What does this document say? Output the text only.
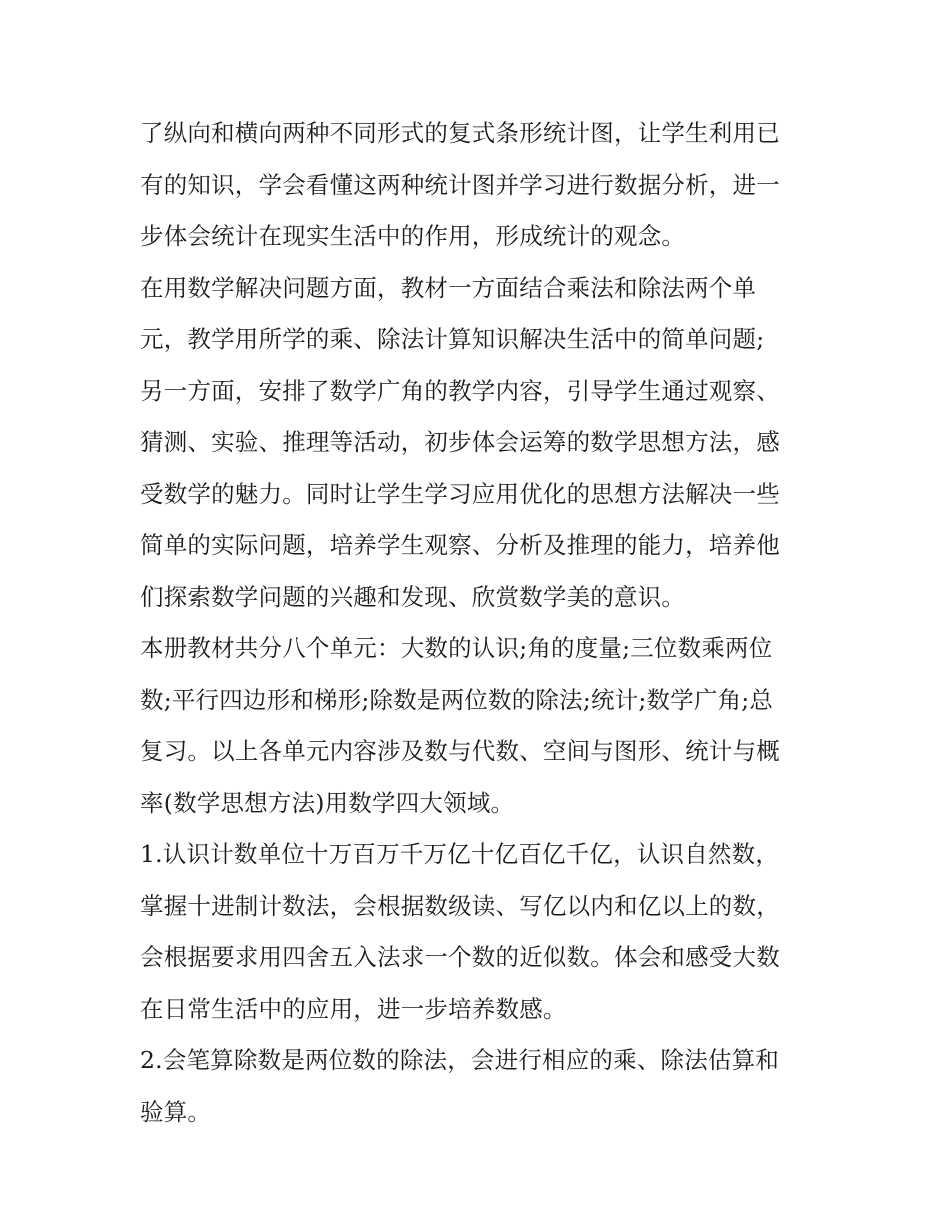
了纵向和横向两种不同形式的复式条形统计图，让学生利用已
有的知识，学会看懂这两种统计图并学习进行数据分析，进一
步体会统计在现实生活中的作用，形成统计的观念。
在用数学解决问题方面，教材一方面结合乘法和除法两个单
元，教学用所学的乘、除法计算知识解决生活中的简单问题;
另一方面，安排了数学广角的教学内容，引导学生通过观察、
猜测、实验、推理等活动，初步体会运筹的数学思想方法，感
受数学的魅力。同时让学生学习应用优化的思想方法解决一些
简单的实际问题，培养学生观察、分析及推理的能力，培养他
们探索数学问题的兴趣和发现、欣赏数学美的意识。
本册教材共分八个单元：大数的认识;角的度量;三位数乘两位
数;平行四边形和梯形;除数是两位数的除法;统计;数学广角;总
复习。以上各单元内容涉及数与代数、空间与图形、统计与概
率(数学思想方法)用数学四大领域。
1.认识计数单位十万百万千万亿十亿百亿千亿，认识自然数，
掌握十进制计数法，会根据数级读、写亿以内和亿以上的数，
会根据要求用四舍五入法求一个数的近似数。体会和感受大数
在日常生活中的应用，进一步培养数感。
2.会笔算除数是两位数的除法，会进行相应的乘、除法估算和
验算。
